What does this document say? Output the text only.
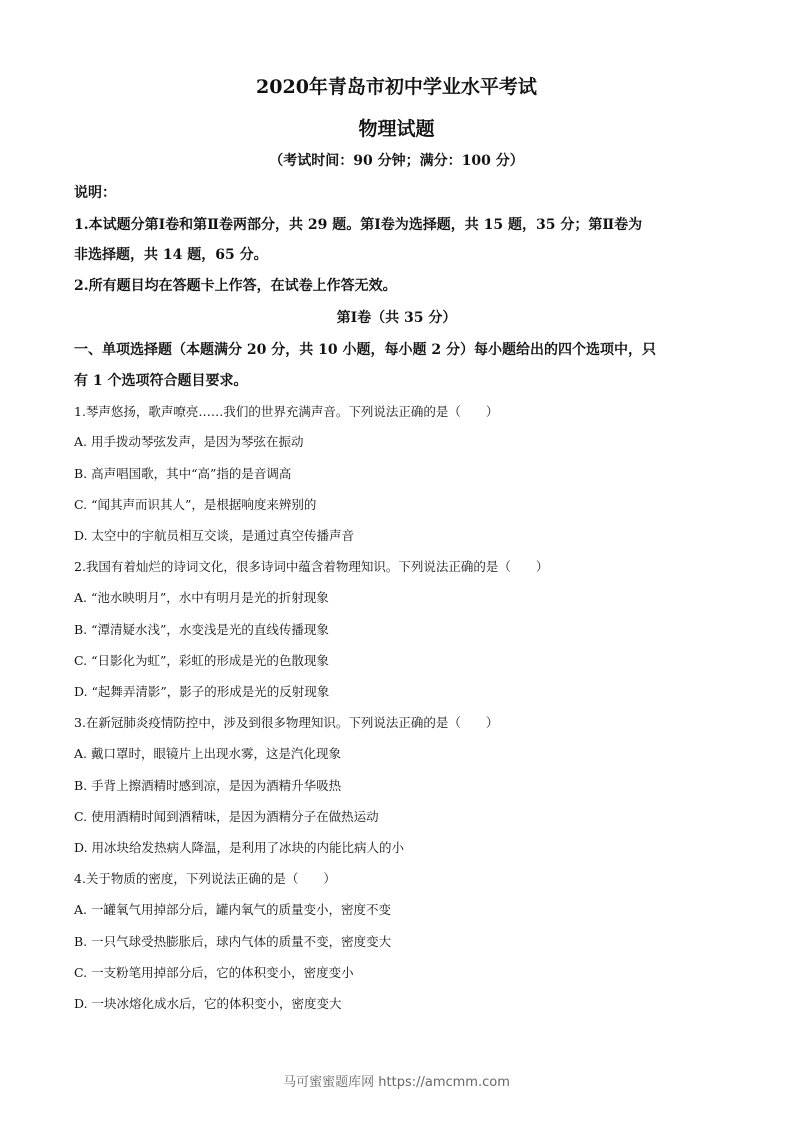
2020年青岛市初中学业水平考试
物理试题
（考试时间：90 分钟；满分：100 分）
说明：
1.本试题分第Ⅰ卷和第Ⅱ卷两部分，共 29 题。第Ⅰ卷为选择题，共 15 题，35 分；第Ⅱ卷为
非选择题，共 14 题，65 分。
2.所有题目均在答题卡上作答，在试卷上作答无效。
第Ⅰ卷（共 35 分）
一、单项选择题（本题满分 20 分，共 10 小题，每小题 2 分）每小题给出的四个选项中，只
有 1 个选项符合题目要求。
1.琴声悠扬，歌声嘹亮……我们的世界充满声音。下列说法正确的是（　　）
A. 用手拨动琴弦发声，是因为琴弦在振动
B. 高声唱国歌，其中“高”指的是音调高
C. “闻其声而识其人”，是根据响度来辨别的
D. 太空中的宇航员相互交谈，是通过真空传播声音
2.我国有着灿烂的诗词文化，很多诗词中蕴含着物理知识。下列说法正确的是（　　）
A. “池水映明月”，水中有明月是光的折射现象
B. “潭清疑水浅”，水变浅是光的直线传播现象
C. “日影化为虹”，彩虹的形成是光的色散现象
D. “起舞弄清影”，影子的形成是光的反射现象
3.在新冠肺炎疫情防控中，涉及到很多物理知识。下列说法正确的是（　　）
A. 戴口罩时，眼镜片上出现水雾，这是汽化现象
B. 手背上擦酒精时感到凉，是因为酒精升华吸热
C. 使用酒精时闻到酒精味，是因为酒精分子在做热运动
D. 用冰块给发热病人降温，是利用了冰块的内能比病人的小
4.关于物质的密度，下列说法正确的是（　　）
A. 一罐氧气用掉部分后，罐内氧气的质量变小，密度不变
B. 一只气球受热膨胀后，球内气体的质量不变，密度变大
C. 一支粉笔用掉部分后，它的体积变小，密度变小
D. 一块冰熔化成水后，它的体积变小，密度变大
马可蜜蜜题库网 https://amcmm.com
